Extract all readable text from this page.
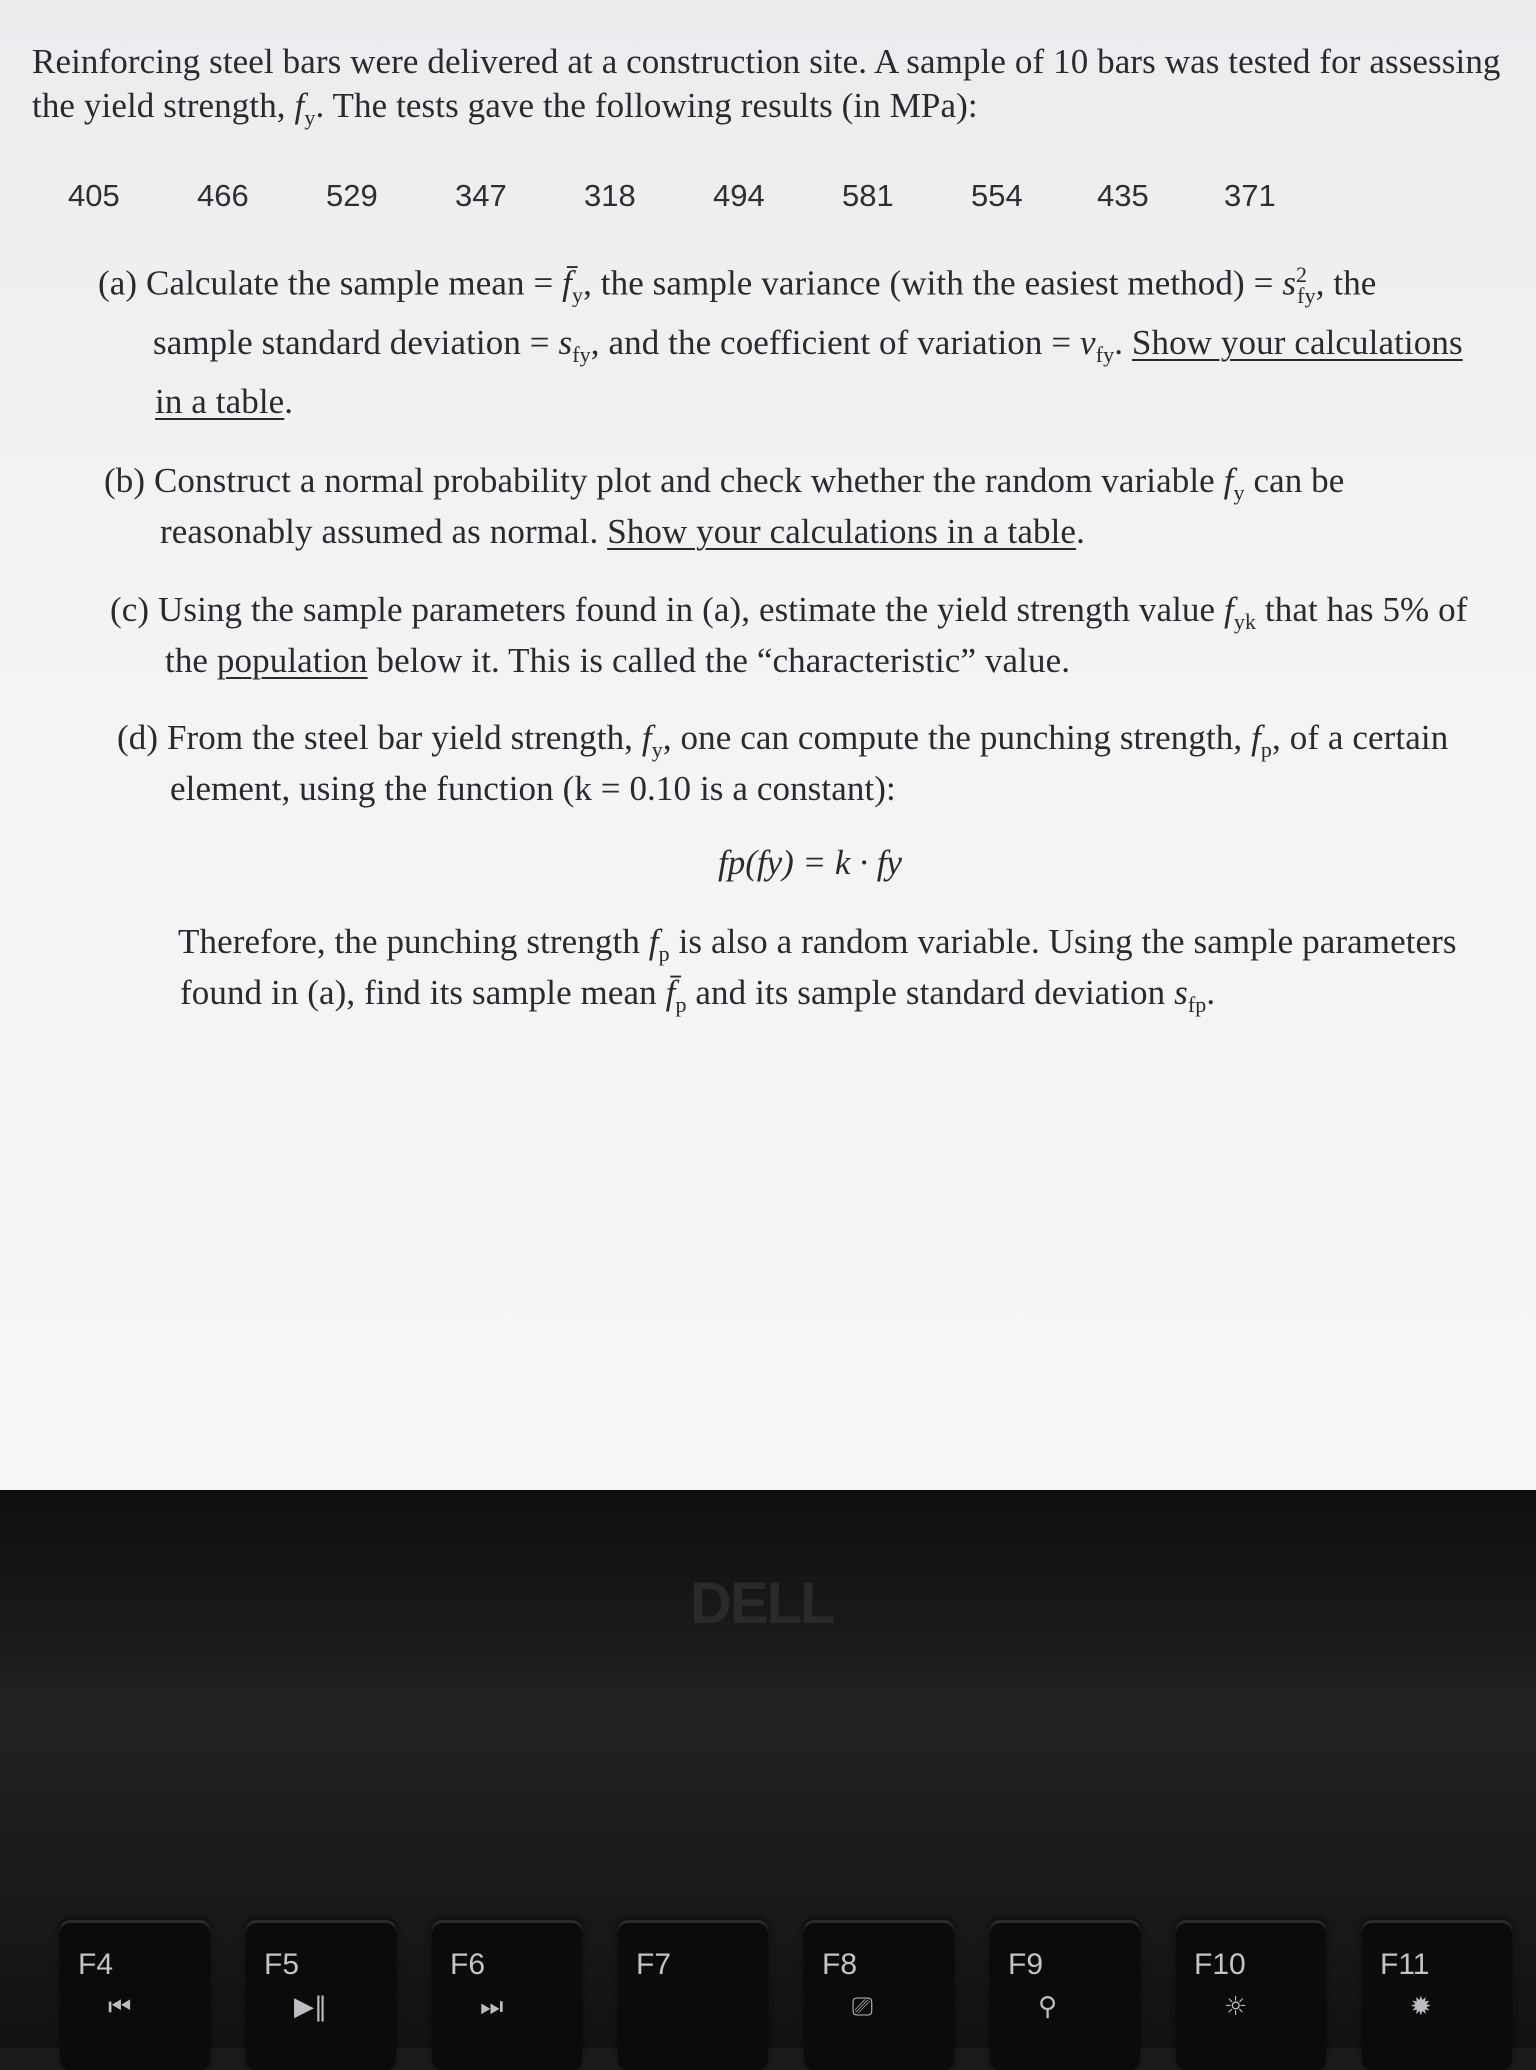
Reinforcing steel bars were delivered at a construction site. A sample of 10 bars was tested for assessing
the yield strength, $f_y$. The tests gave the following results (in MPa):
405 466 529 347 318 494 581 554 435 371
(a) Calculate the sample mean = $f̄_y$, the sample variance (with the easiest method) = $s^2_{fy}$, the
sample standard deviation = $s_{fy}$, and the coefficient of variation = $v_{fy}$. Show your calculations
in a table.
(b) Construct a normal probability plot and check whether the random variable $f_y$ can be
reasonably assumed as normal. Show your calculations in a table.
(c) Using the sample parameters found in (a), estimate the yield strength value $f_{yk}$ that has 5% of
the population below it. This is called the “characteristic” value.
(d) From the steel bar yield strength, $f_y$, one can compute the punching strength, $f_p$, of a certain
element, using the function (k = 0.10 is a constant):
fp(fy) = k · fy
Therefore, the punching strength $f_p$ is also a random variable. Using the sample parameters
found in (a), find its sample mean $f̄_p$ and its sample standard deviation $s_{fp}$.
DELL
F4
⏮
F5
▶‖
F6
⏭
F7	F8
⎚
F9
⚲
F10
☼
F11
✹
